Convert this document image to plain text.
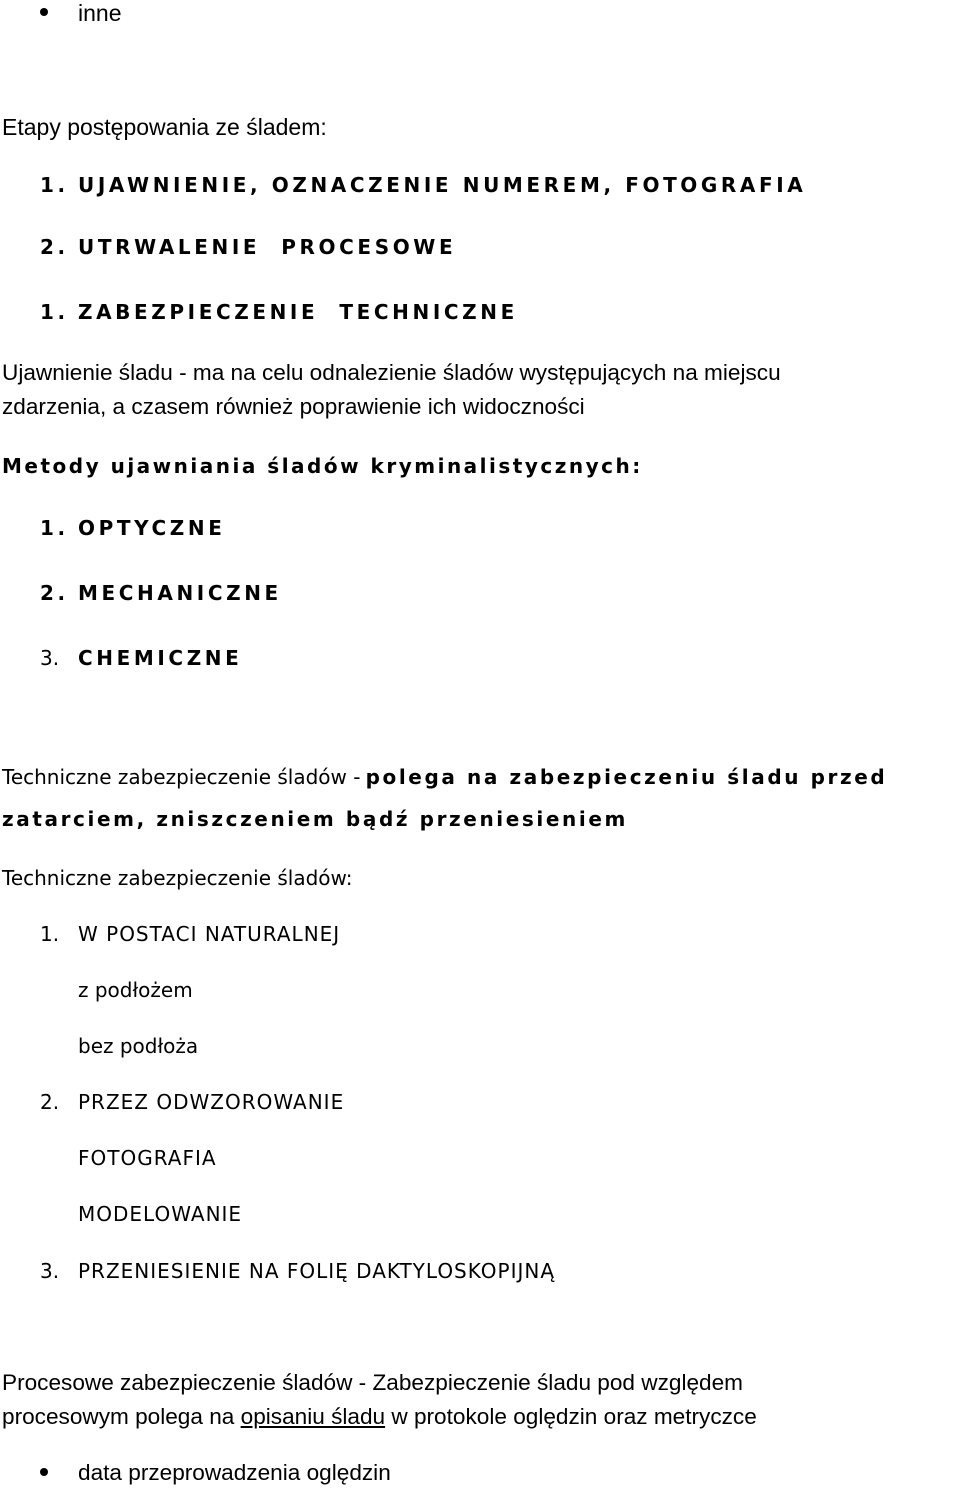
inne
Etapy postępowania ze śladem:
1. UJAWNIENIE, OZNACZENIE NUMEREM, FOTOGRAFIA
2. UTRWALENIE  PROCESOWE
1. ZABEZPIECZENIE  TECHNICZNE
Ujawnienie śladu - ma na celu odnalezienie śladów występujących na miejscu
zdarzenia, a czasem również poprawienie ich widoczności
Metody ujawniania śladów kryminalistycznych:
1. OPTYCZNE
2. MECHANICZNE
3. CHEMICZNE
Techniczne zabezpieczenie śladów - polega na zabezpieczeniu śladu przed
zatarciem, zniszczeniem bądź przeniesieniem
Techniczne zabezpieczenie śladów:
1. W POSTACI NATURALNEJ
z podłożem
bez podłoża
2. PRZEZ ODWZOROWANIE
FOTOGRAFIA
MODELOWANIE
3. PRZENIESIENIE NA FOLIĘ DAKTYLOSKOPIJNĄ
Procesowe zabezpieczenie śladów - Zabezpieczenie śladu pod względem
procesowym polega na opisaniu śladu w protokole oględzin oraz metryczce
data przeprowadzenia oględzin
